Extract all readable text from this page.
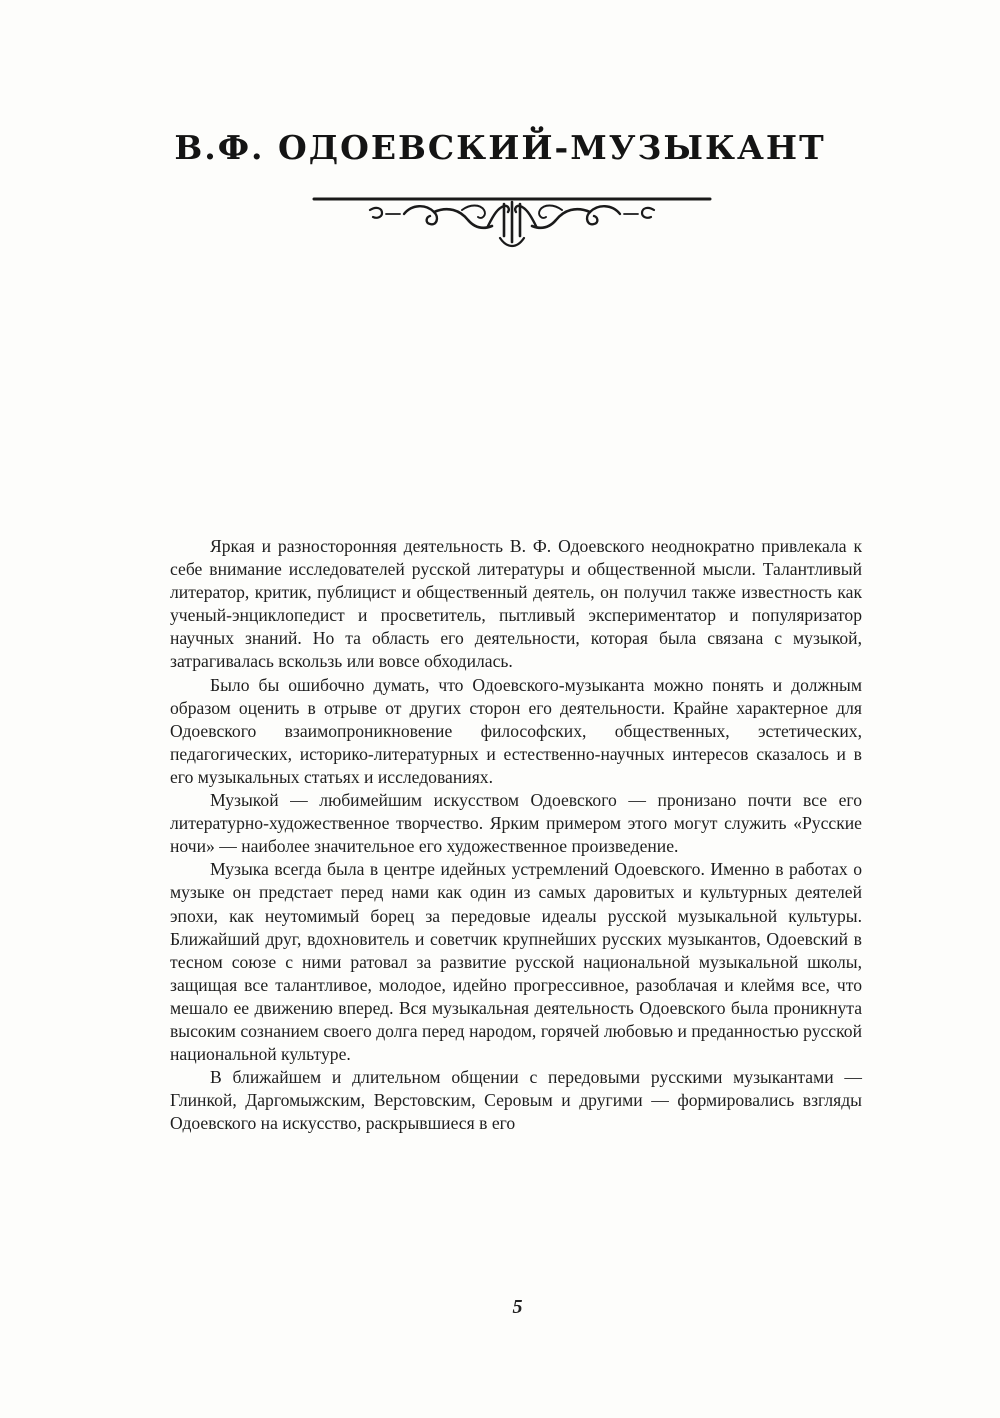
В.Ф. ОДОЕВСКИЙ-МУЗЫКАНТ

Яркая и разносторонняя деятельность В. Ф. Одоевского неоднократно привлекала к себе внимание исследователей русской литературы и общественной мысли. Талантливый литератор, критик, публицист и общественный деятель, он получил также известность как ученый-энциклопедист и просветитель, пытливый экспериментатор и популяризатор научных знаний. Но та область его деятельности, которая была связана с музыкой, затрагивалась вскользь или вовсе обходилась.

Было бы ошибочно думать, что Одоевского-музыканта можно понять и должным образом оценить в отрыве от других сторон его деятельности. Крайне характерное для Одоевского взаимопроникновение философских, общественных, эстетических, педагогических, историко-литературных и естественно-научных интересов сказалось и в его музыкальных статьях и исследованиях.

Музыкой — любимейшим искусством Одоевского — пронизано почти все его литературно-художественное творчество. Ярким примером этого могут служить «Русские ночи» — наиболее значительное его художественное произведение.

Музыка всегда была в центре идейных устремлений Одоевского. Именно в работах о музыке он предстает перед нами как один из самых даровитых и культурных деятелей эпохи, как неутомимый борец за передовые идеалы русской музыкальной культуры. Ближайший друг, вдохновитель и советчик крупнейших русских музыкантов, Одоевский в тесном союзе с ними ратовал за развитие русской национальной музыкальной школы, защищая все талантливое, молодое, идейно прогрессивное, разоблачая и клеймя все, что мешало ее движению вперед. Вся музыкальная деятельность Одоевского была проникнута высоким сознанием своего долга перед народом, горячей любовью и преданностью русской национальной культуре.

В ближайшем и длительном общении с передовыми русскими музыкантами — Глинкой, Даргомыжским, Верстовским, Серовым и другими — формировались взгляды Одоевского на искусство, раскрывшиеся в его

5
